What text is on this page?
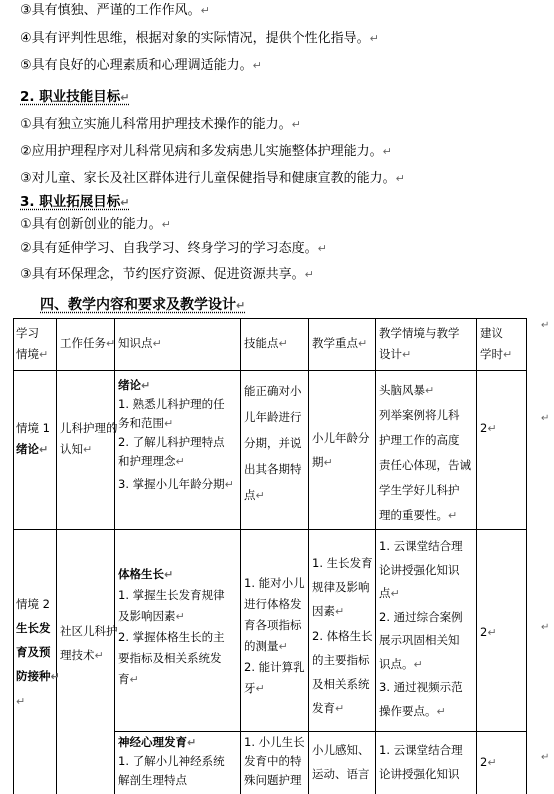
③具有慎独、严谨的工作作风。↵
④具有评判性思维，根据对象的实际情况，提供个性化指导。↵
⑤具有良好的心理素质和心理调适能力。↵
2. 职业技能目标↵
①具有独立实施儿科常用护理技术操作的能力。↵
②应用护理程序对儿科常见病和多发病患儿实施整体护理能力。↵
③对儿童、家长及社区群体进行儿童保健指导和健康宣教的能力。↵
3. 职业拓展目标↵
①具有创新创业的能力。↵
②具有延伸学习、自我学习、终身学习的学习态度。↵
③具有环保理念，节约医疗资源、促进资源共享。↵
四、教学内容和要求及教学设计↵
学习
情境↵
工作任务↵ 知识点↵	技能点↵ 教学重点↵
教学情境与教学
设计↵
建议
学时↵
情境 1
绪论↵
儿科护理的
认知↵
绪论↵
1. 熟悉儿科护理的任
务和范围↵
2. 了解儿科护理特点
和护理理念↵
3. 掌握小儿年龄分期↵
能正确对小
儿年龄进行
分期，并说
出其各期特
点↵
小儿年龄分
期↵
头脑风暴↵
列举案例将儿科
护理工作的高度
责任心体现，告诫
学生学好儿科护
理的重要性。↵
2↵
情境 2
生长发
育及预
防接种↵
↵
社区儿科护
理技术↵
体格生长↵
1. 掌握生长发育规律
及影响因素↵
2. 掌握体格生长的主
要指标及相关系统发
育↵
1. 能对小儿
进行体格发
育各项指标
的测量↵
2. 能计算乳
牙↵
1. 生长发育
规律及影响
因素↵
2. 体格生长
的主要指标
及相关系统
发育↵
1. 云课堂结合理
论讲授强化知识
点↵
2. 通过综合案例
展示巩固相关知
识点。↵
3. 通过视频示范
操作要点。↵
2↵
神经心理发育↵
1. 了解小儿神经系统
解剖生理特点
1. 小儿生长
发育中的特
殊问题护理
小儿感知、
运动、语言
1. 云课堂结合理
论讲授强化知识
2↵
↵
↵
↵
↵
